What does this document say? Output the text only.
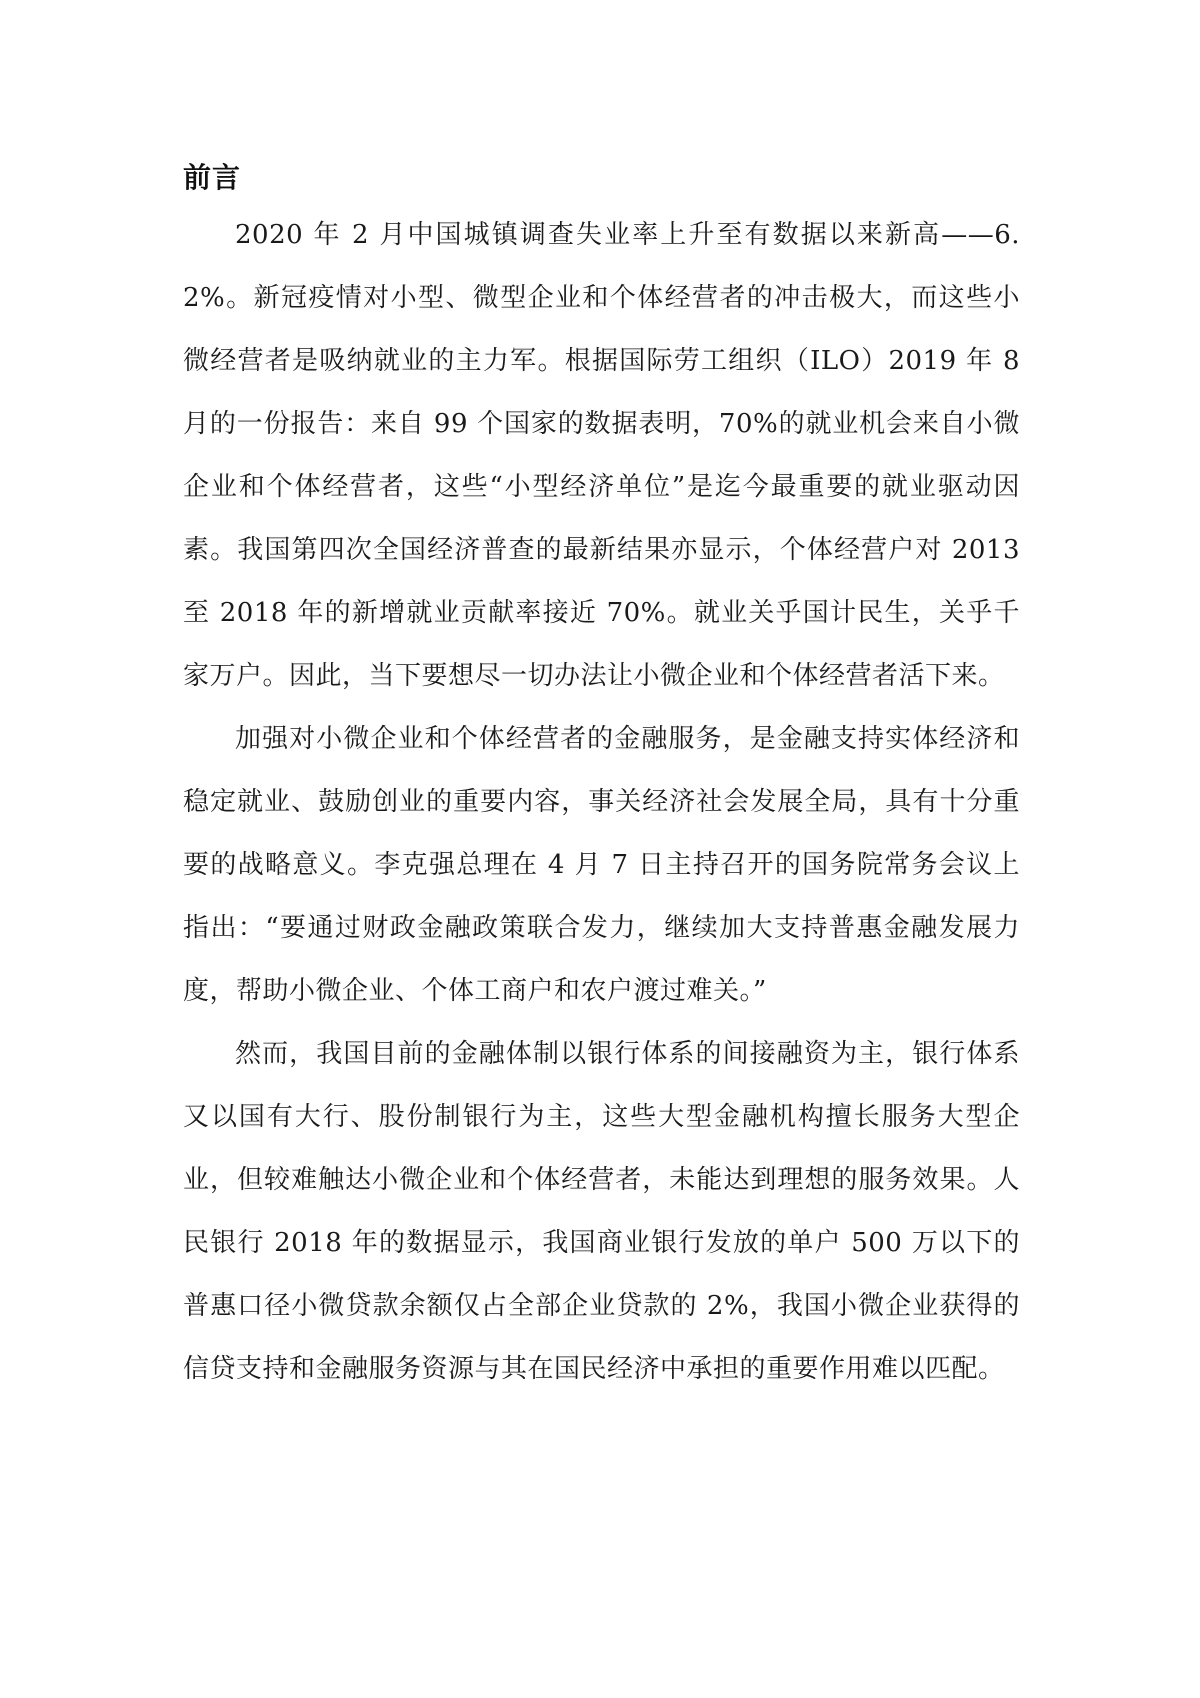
前言

2020 年 2 月中国城镇调查失业率上升至有数据以来新高——6.2%。新冠疫情对小型、微型企业和个体经营者的冲击极大，而这些小微经营者是吸纳就业的主力军。根据国际劳工组织（ILO）2019 年 8 月的一份报告：来自 99 个国家的数据表明，70%的就业机会来自小微企业和个体经营者，这些“小型经济单位”是迄今最重要的就业驱动因素。我国第四次全国经济普查的最新结果亦显示，个体经营户对 2013 至 2018 年的新增就业贡献率接近 70%。就业关乎国计民生，关乎千家万户。因此，当下要想尽一切办法让小微企业和个体经营者活下来。

加强对小微企业和个体经营者的金融服务，是金融支持实体经济和稳定就业、鼓励创业的重要内容，事关经济社会发展全局，具有十分重要的战略意义。李克强总理在 4 月 7 日主持召开的国务院常务会议上指出：“要通过财政金融政策联合发力，继续加大支持普惠金融发展力度，帮助小微企业、个体工商户和农户渡过难关。”

然而，我国目前的金融体制以银行体系的间接融资为主，银行体系又以国有大行、股份制银行为主，这些大型金融机构擅长服务大型企业，但较难触达小微企业和个体经营者，未能达到理想的服务效果。人民银行 2018 年的数据显示，我国商业银行发放的单户 500 万以下的普惠口径小微贷款余额仅占全部企业贷款的 2%，我国小微企业获得的信贷支持和金融服务资源与其在国民经济中承担的重要作用难以匹配。
